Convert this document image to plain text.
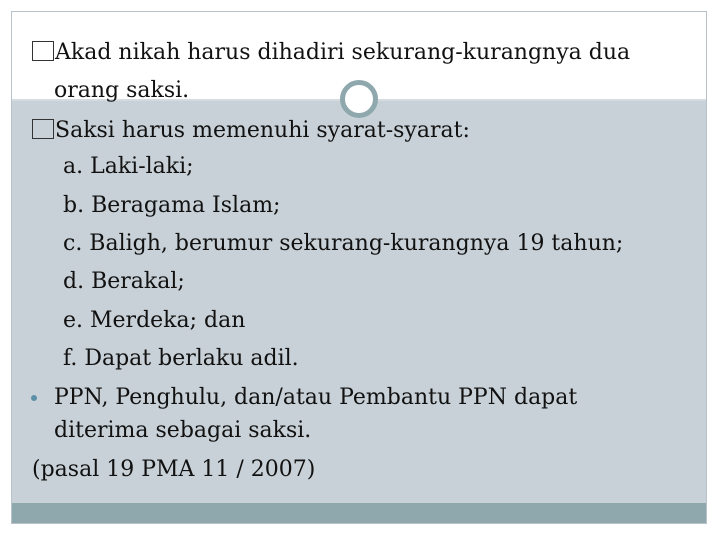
Akad nikah harus dihadiri sekurang-kurangnya dua
orang saksi.
Saksi harus memenuhi syarat-syarat:
a. Laki-laki;
b. Beragama Islam;
c. Baligh, berumur sekurang-kurangnya 19 tahun;
d. Berakal;
e. Merdeka; dan
f. Dapat berlaku adil.
PPN, Penghulu, dan/atau Pembantu PPN dapat
diterima sebagai saksi.
(pasal 19 PMA 11 / 2007)
